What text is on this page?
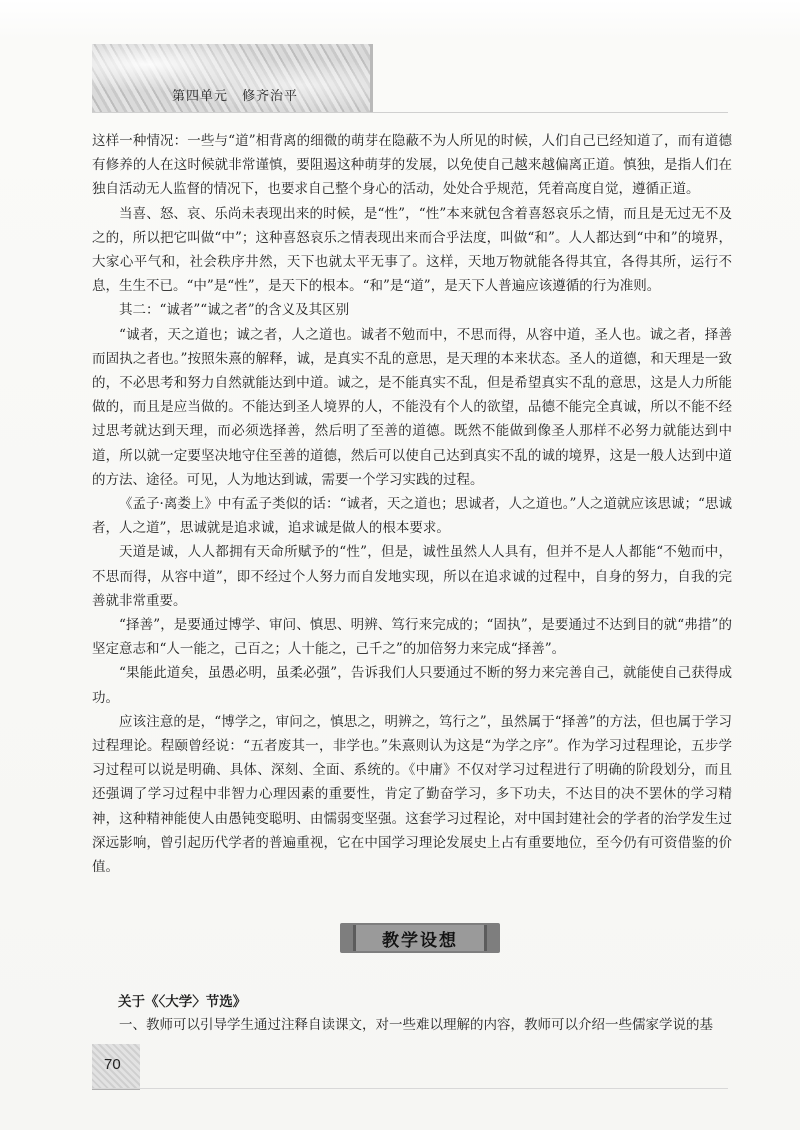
第四单元 修齐治平

这样一种情况：一些与“道”相背离的细微的萌芽在隐蔽不为人所见的时候，人们自己已经知道了，而有道德有修养的人在这时候就非常谨慎，要阻遏这种萌芽的发展，以免使自己越来越偏离正道。慎独，是指人们在独自活动无人监督的情况下，也要求自己整个身心的活动，处处合乎规范，凭着高度自觉，遵循正道。

当喜、怒、哀、乐尚未表现出来的时候，是“性”，“性”本来就包含着喜怒哀乐之情，而且是无过无不及之的，所以把它叫做“中”；这种喜怒哀乐之情表现出来而合乎法度，叫做“和”。人人都达到“中和”的境界，大家心平气和，社会秩序井然，天下也就太平无事了。这样，天地万物就能各得其宜，各得其所，运行不息，生生不已。“中”是“性”，是天下的根本。“和”是“道”，是天下人普遍应该遵循的行为准则。

其二：“诚者”“诚之者”的含义及其区别

“诚者，天之道也；诚之者，人之道也。诚者不勉而中，不思而得，从容中道，圣人也。诚之者，择善而固执之者也。”按照朱熹的解释，诚，是真实不乱的意思，是天理的本来状态。圣人的道德，和天理是一致的，不必思考和努力自然就能达到中道。诚之，是不能真实不乱，但是希望真实不乱的意思，这是人力所能做的，而且是应当做的。不能达到圣人境界的人，不能没有个人的欲望，品德不能完全真诚，所以不能不经过思考就达到天理，而必须选择善，然后明了至善的道德。既然不能做到像圣人那样不必努力就能达到中道，所以就一定要坚决地守住至善的道德，然后可以使自己达到真实不乱的诚的境界，这是一般人达到中道的方法、途径。可见，人为地达到诚，需要一个学习实践的过程。

《孟子·离娄上》中有孟子类似的话：“诚者，天之道也；思诚者，人之道也。”人之道就应该思诚；“思诚者，人之道”，思诚就是追求诚，追求诚是做人的根本要求。

天道是诚，人人都拥有天命所赋予的“性”，但是，诚性虽然人人具有，但并不是人人都能“不勉而中，不思而得，从容中道”，即不经过个人努力而自发地实现，所以在追求诚的过程中，自身的努力，自我的完善就非常重要。

“择善”，是要通过博学、审问、慎思、明辨、笃行来完成的；“固执”，是要通过不达到目的就“弗措”的坚定意志和“人一能之，己百之；人十能之，己千之”的加倍努力来完成“择善”。

“果能此道矣，虽愚必明，虽柔必强”，告诉我们人只要通过不断的努力来完善自己，就能使自己获得成功。

应该注意的是，“博学之，审问之，慎思之，明辨之，笃行之”，虽然属于“择善”的方法，但也属于学习过程理论。程颐曾经说：“五者废其一，非学也。”朱熹则认为这是“为学之序”。作为学习过程理论，五步学习过程可以说是明确、具体、深刻、全面、系统的。《中庸》不仅对学习过程进行了明确的阶段划分，而且还强调了学习过程中非智力心理因素的重要性，肯定了勤奋学习，多下功夫，不达目的决不罢休的学习精神，这种精神能使人由愚钝变聪明、由懦弱变坚强。这套学习过程论，对中国封建社会的学者的治学发生过深远影响，曾引起历代学者的普遍重视，它在中国学习理论发展史上占有重要地位，至今仍有可资借鉴的价值。

教学设想
关于《〈大学〉节选》

一、教师可以引导学生通过注释自读课文，对一些难以理解的内容，教师可以介绍一些儒家学说的基

70
